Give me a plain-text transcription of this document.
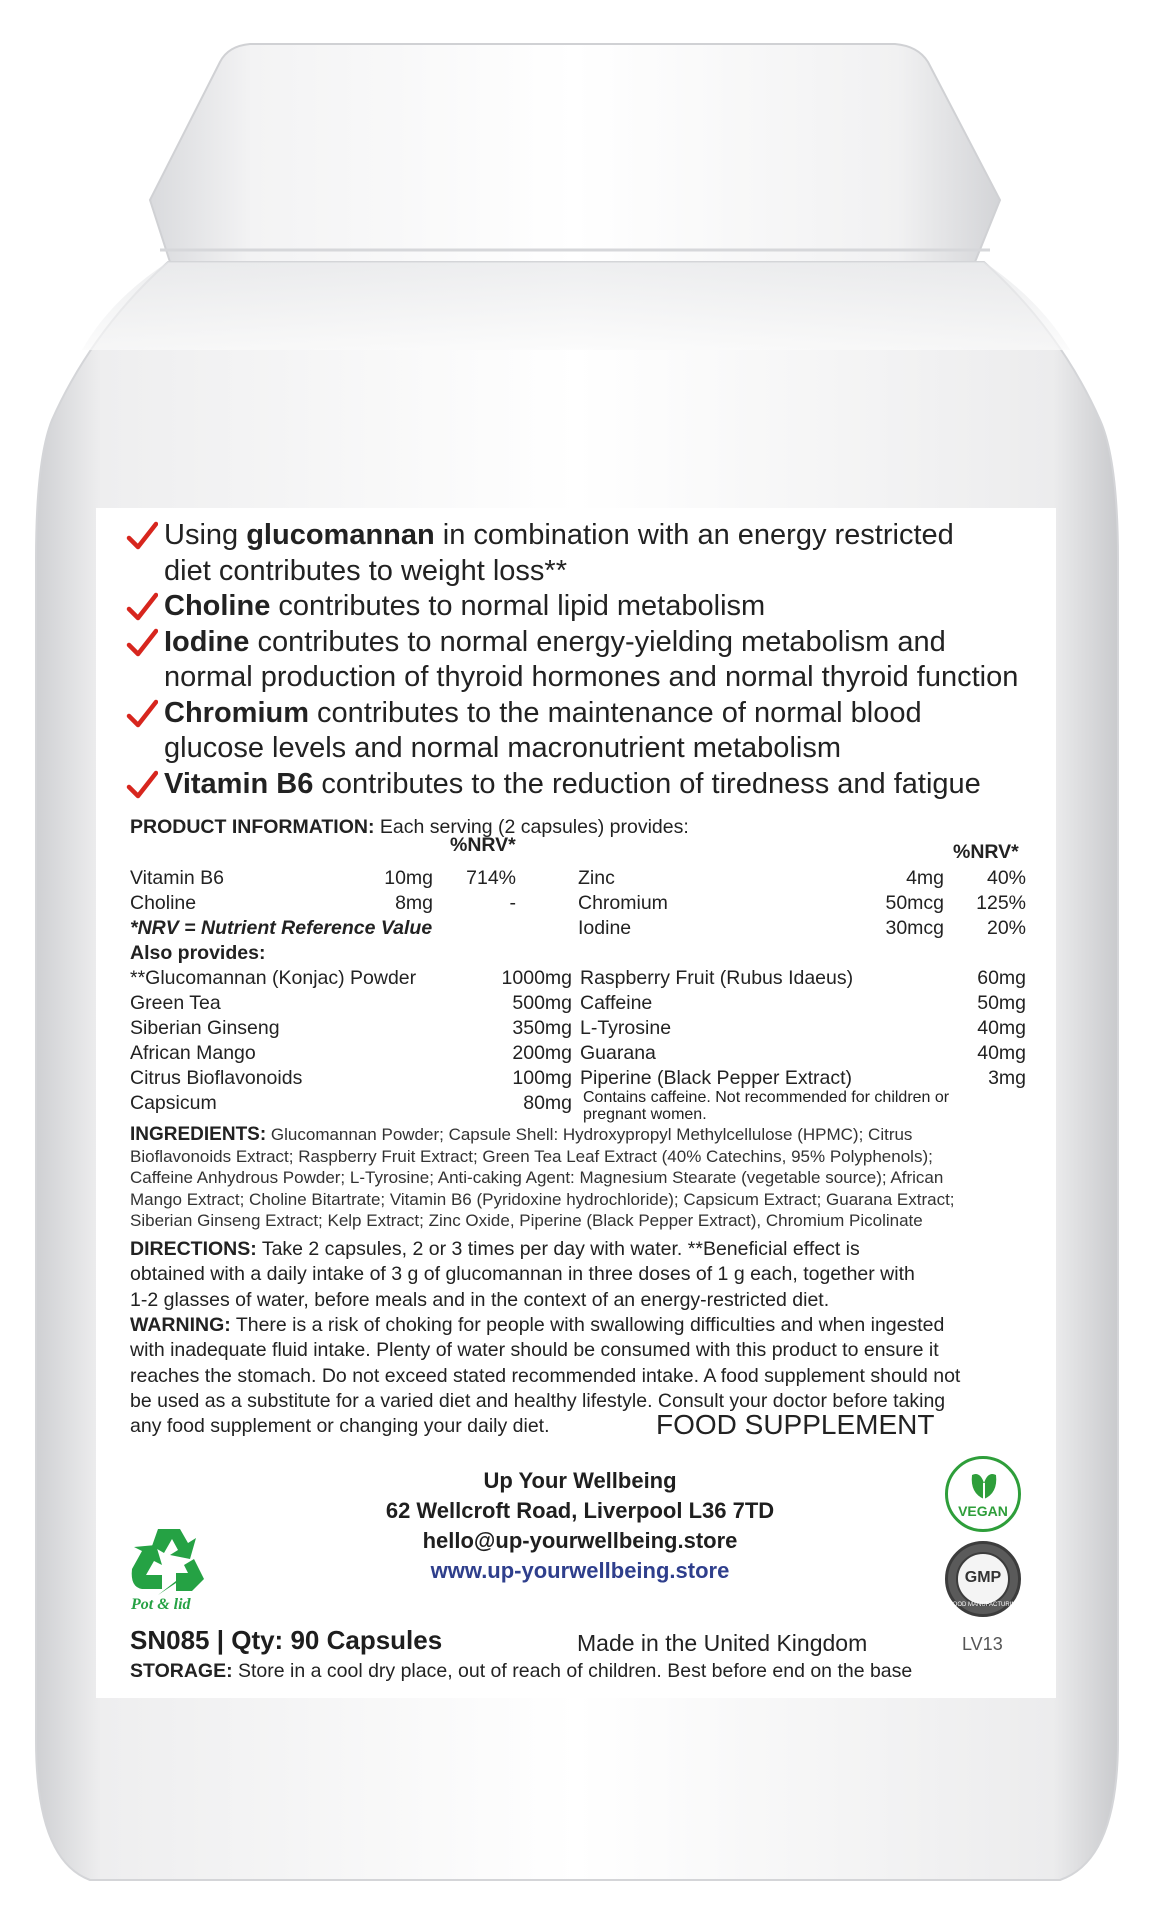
Using glucomannan in combination with an energy restricted
diet contributes to weight loss**
Choline contributes to normal lipid metabolism
Iodine contributes to normal energy-yielding metabolism and
normal production of thyroid hormones and normal thyroid function
Chromium contributes to the maintenance of normal blood
glucose levels and normal macronutrient metabolism
Vitamin B6 contributes to the reduction of tiredness and fatigue
PRODUCT INFORMATION: Each serving (2 capsules) provides:
%NRV*	%NRV*
Vitamin B6	10mg	714%
Choline	8mg	-
*NRV = Nutrient Reference Value
Also provides:
Zinc	4mg	40%
Chromium	50mcg	125%
Iodine	30mcg	20%
**Glucomannan (Konjac) Powder	1000mg
Green Tea	500mg
Siberian Ginseng	350mg
African Mango	200mg
Citrus Bioflavonoids	100mg
Capsicum	80mg
Raspberry Fruit (Rubus Idaeus)	60mg
Caffeine	50mg
L-Tyrosine	40mg
Guarana	40mg
Piperine (Black Pepper Extract)	3mg
Contains caffeine. Not recommended for children or
pregnant women.
INGREDIENTS: Glucomannan Powder; Capsule Shell: Hydroxypropyl Methylcellulose (HPMC); Citrus
Bioflavonoids Extract; Raspberry Fruit Extract; Green Tea Leaf Extract (40% Catechins, 95% Polyphenols);
Caffeine Anhydrous Powder; L-Tyrosine; Anti-caking Agent: Magnesium Stearate (vegetable source); African
Mango Extract; Choline Bitartrate; Vitamin B6 (Pyridoxine hydrochloride); Capsicum Extract; Guarana Extract;
Siberian Ginseng Extract; Kelp Extract; Zinc Oxide, Piperine (Black Pepper Extract), Chromium Picolinate
DIRECTIONS: Take 2 capsules, 2 or 3 times per day with water. **Beneficial effect is
obtained with a daily intake of 3 g of glucomannan in three doses of 1 g each, together with
1-2 glasses of water, before meals and in the context of an energy-restricted diet.
WARNING: There is a risk of choking for people with swallowing difficulties and when ingested
with inadequate fluid intake. Plenty of water should be consumed with this product to ensure it
reaches the stomach. Do not exceed stated recommended intake. A food supplement should not
be used as a substitute for a varied diet and healthy lifestyle. Consult your doctor before taking
any food supplement or changing your daily diet.	FOOD SUPPLEMENT
Up Your Wellbeing
62 Wellcroft Road, Liverpool L36 7TD
hello@up-yourwellbeing.store
www.up-yourwellbeing.store
Pot & lid
VEGAN
GOOD MANUFACTURING PRACTICE
GMP
SN085 | Qty: 90 Capsules	Made in the United Kingdom	LV13
STORAGE: Store in a cool dry place, out of reach of children. Best before end on the base
